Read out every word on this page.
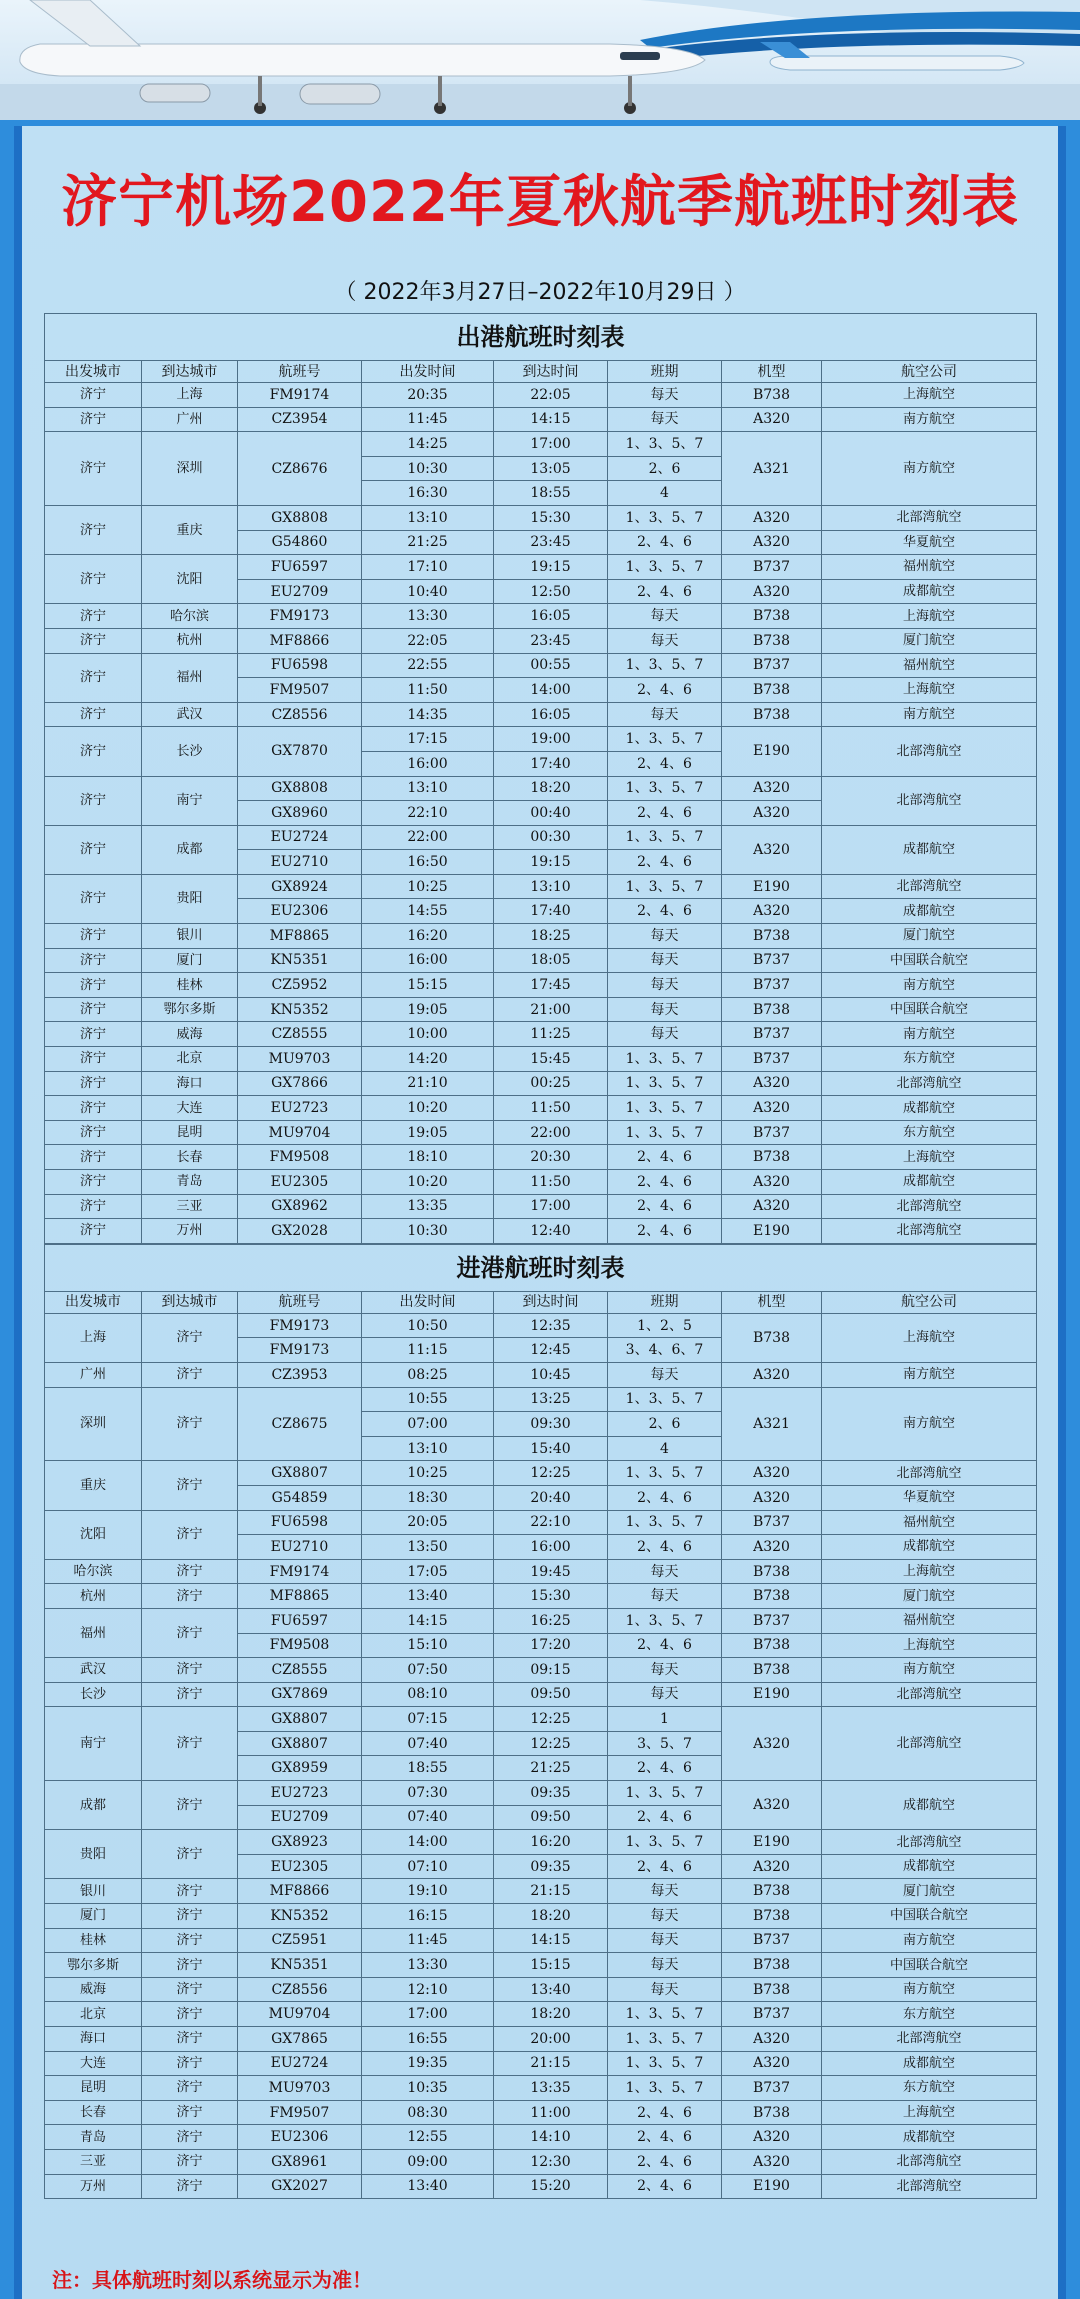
济宁机场2022年夏秋航季航班时刻表
（ 2022年3月27日–2022年10月29日 ）
出港航班时刻表							
出发城市	到达城市	航班号	出发时间	到达时间	班期	机型	航空公司
济宁	上海	FM9174	20:35	22:05	每天	B738	上海航空
济宁	广州	CZ3954	11:45	14:15	每天	A320	南方航空
济宁	深圳	CZ8676	14:25	17:00	1、3、5、7	A321	南方航空
			10:30	13:05	2、6		
			16:30	18:55	4		
济宁	重庆	GX8808	13:10	15:30	1、3、5、7	A320	北部湾航空
		G54860	21:25	23:45	2、4、6	A320	华夏航空
济宁	沈阳	FU6597	17:10	19:15	1、3、5、7	B737	福州航空
		EU2709	10:40	12:50	2、4、6	A320	成都航空
济宁	哈尔滨	FM9173	13:30	16:05	每天	B738	上海航空
济宁	杭州	MF8866	22:05	23:45	每天	B738	厦门航空
济宁	福州	FU6598	22:55	00:55	1、3、5、7	B737	福州航空
		FM9507	11:50	14:00	2、4、6	B738	上海航空
济宁	武汉	CZ8556	14:35	16:05	每天	B738	南方航空
济宁	长沙	GX7870	17:15	19:00	1、3、5、7	E190	北部湾航空
			16:00	17:40	2、4、6		
济宁	南宁	GX8808	13:10	18:20	1、3、5、7	A320	北部湾航空
		GX8960	22:10	00:40	2、4、6	A320	
济宁	成都	EU2724	22:00	00:30	1、3、5、7	A320	成都航空
		EU2710	16:50	19:15	2、4、6		
济宁	贵阳	GX8924	10:25	13:10	1、3、5、7	E190	北部湾航空
		EU2306	14:55	17:40	2、4、6	A320	成都航空
济宁	银川	MF8865	16:20	18:25	每天	B738	厦门航空
济宁	厦门	KN5351	16:00	18:05	每天	B737	中国联合航空
济宁	桂林	CZ5952	15:15	17:45	每天	B737	南方航空
济宁	鄂尔多斯	KN5352	19:05	21:00	每天	B738	中国联合航空
济宁	威海	CZ8555	10:00	11:25	每天	B737	南方航空
济宁	北京	MU9703	14:20	15:45	1、3、5、7	B737	东方航空
济宁	海口	GX7866	21:10	00:25	1、3、5、7	A320	北部湾航空
济宁	大连	EU2723	10:20	11:50	1、3、5、7	A320	成都航空
济宁	昆明	MU9704	19:05	22:00	1、3、5、7	B737	东方航空
济宁	长春	FM9508	18:10	20:30	2、4、6	B738	上海航空
济宁	青岛	EU2305	10:20	11:50	2、4、6	A320	成都航空
济宁	三亚	GX8962	13:35	17:00	2、4、6	A320	北部湾航空
济宁	万州	GX2028	10:30	12:40	2、4、6	E190	北部湾航空
进港航班时刻表							
出发城市	到达城市	航班号	出发时间	到达时间	班期	机型	航空公司
上海	济宁	FM9173	10:50	12:35	1、2、5	B738	上海航空
		FM9173	11:15	12:45	3、4、6、7		
广州	济宁	CZ3953	08:25	10:45	每天	A320	南方航空
深圳	济宁	CZ8675	10:55	13:25	1、3、5、7	A321	南方航空
			07:00	09:30	2、6		
			13:10	15:40	4		
重庆	济宁	GX8807	10:25	12:25	1、3、5、7	A320	北部湾航空
		G54859	18:30	20:40	2、4、6	A320	华夏航空
沈阳	济宁	FU6598	20:05	22:10	1、3、5、7	B737	福州航空
		EU2710	13:50	16:00	2、4、6	A320	成都航空
哈尔滨	济宁	FM9174	17:05	19:45	每天	B738	上海航空
杭州	济宁	MF8865	13:40	15:30	每天	B738	厦门航空
福州	济宁	FU6597	14:15	16:25	1、3、5、7	B737	福州航空
		FM9508	15:10	17:20	2、4、6	B738	上海航空
武汉	济宁	CZ8555	07:50	09:15	每天	B738	南方航空
长沙	济宁	GX7869	08:10	09:50	每天	E190	北部湾航空
南宁	济宁	GX8807	07:15	12:25	1	A320	北部湾航空
		GX8807	07:40	12:25	3、5、7		
		GX8959	18:55	21:25	2、4、6		
成都	济宁	EU2723	07:30	09:35	1、3、5、7	A320	成都航空
		EU2709	07:40	09:50	2、4、6		
贵阳	济宁	GX8923	14:00	16:20	1、3、5、7	E190	北部湾航空
		EU2305	07:10	09:35	2、4、6	A320	成都航空
银川	济宁	MF8866	19:10	21:15	每天	B738	厦门航空
厦门	济宁	KN5352	16:15	18:20	每天	B738	中国联合航空
桂林	济宁	CZ5951	11:45	14:15	每天	B737	南方航空
鄂尔多斯	济宁	KN5351	13:30	15:15	每天	B738	中国联合航空
威海	济宁	CZ8556	12:10	13:40	每天	B738	南方航空
北京	济宁	MU9704	17:00	18:20	1、3、5、7	B737	东方航空
海口	济宁	GX7865	16:55	20:00	1、3、5、7	A320	北部湾航空
大连	济宁	EU2724	19:35	21:15	1、3、5、7	A320	成都航空
昆明	济宁	MU9703	10:35	13:35	1、3、5、7	B737	东方航空
长春	济宁	FM9507	08:30	11:00	2、4、6	B738	上海航空
青岛	济宁	EU2306	12:55	14:10	2、4、6	A320	成都航空
三亚	济宁	GX8961	09:00	12:30	2、4、6	A320	北部湾航空
万州	济宁	GX2027	13:40	15:20	2、4、6	E190	北部湾航空
注：具体航班时刻以系统显示为准！
